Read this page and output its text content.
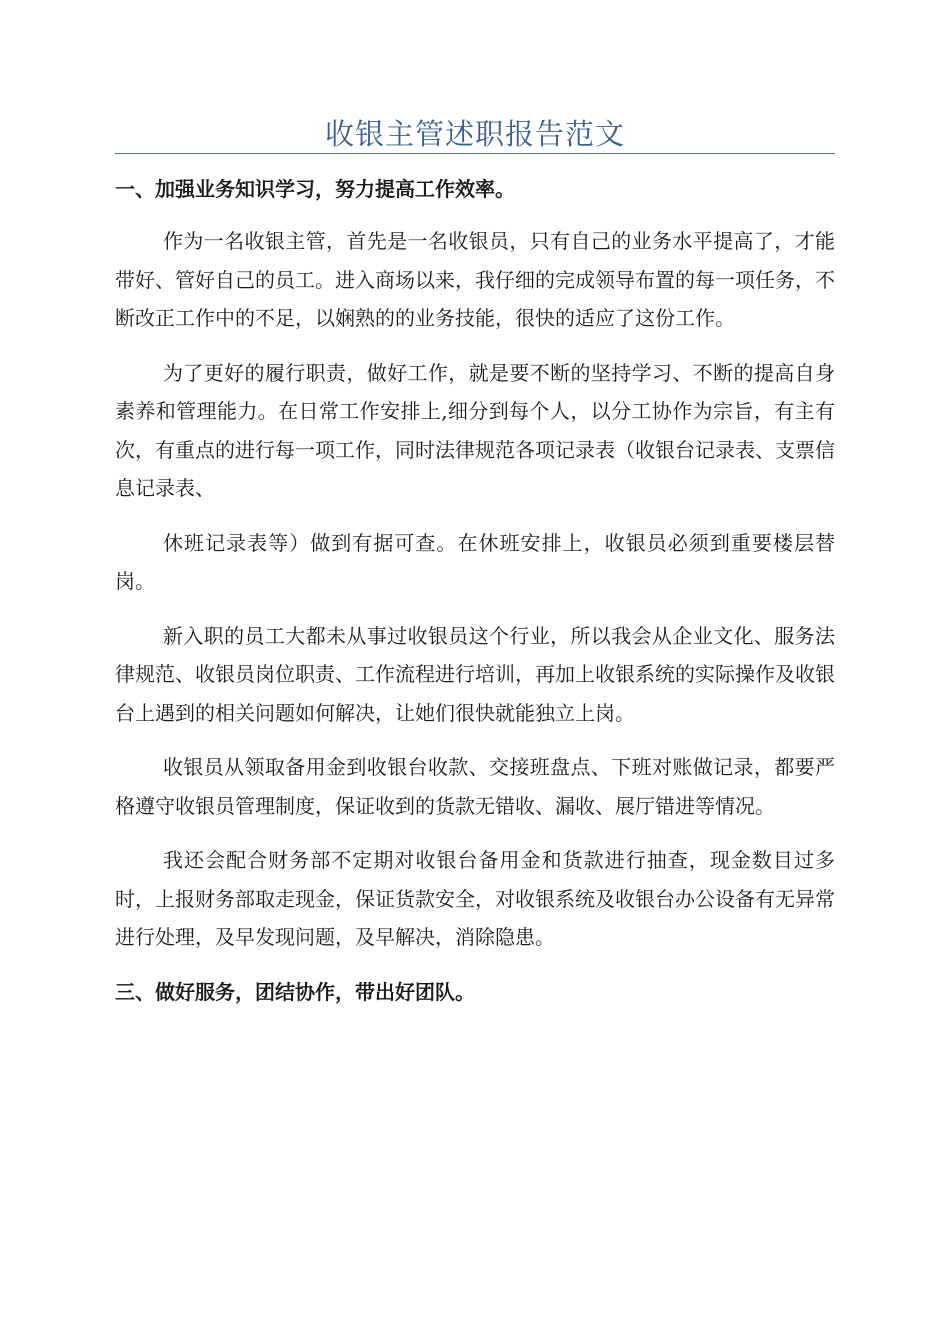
收银主管述职报告范文
一、加强业务知识学习，努力提高工作效率。

作为一名收银主管，首先是一名收银员，只有自己的业务水平提高了，才能带好、管好自己的员工。进入商场以来，我仔细的完成领导布置的每一项任务，不断改正工作中的不足，以娴熟的的业务技能，很快的适应了这份工作。

为了更好的履行职责，做好工作，就是要不断的坚持学习、不断的提高自身素养和管理能力。在日常工作安排上,细分到每个人，以分工协作为宗旨，有主有次，有重点的进行每一项工作，同时法律规范各项记录表（收银台记录表、支票信息记录表、

休班记录表等）做到有据可查。在休班安排上，收银员必须到重要楼层替岗。

新入职的员工大都未从事过收银员这个行业，所以我会从企业文化、服务法律规范、收银员岗位职责、工作流程进行培训，再加上收银系统的实际操作及收银台上遇到的相关问题如何解决，让她们很快就能独立上岗。

收银员从领取备用金到收银台收款、交接班盘点、下班对账做记录，都要严格遵守收银员管理制度，保证收到的货款无错收、漏收、展厅错进等情况。

我还会配合财务部不定期对收银台备用金和货款进行抽查，现金数目过多时，上报财务部取走现金，保证货款安全，对收银系统及收银台办公设备有无异常进行处理，及早发现问题，及早解决，消除隐患。

三、做好服务，团结协作，带出好团队。
